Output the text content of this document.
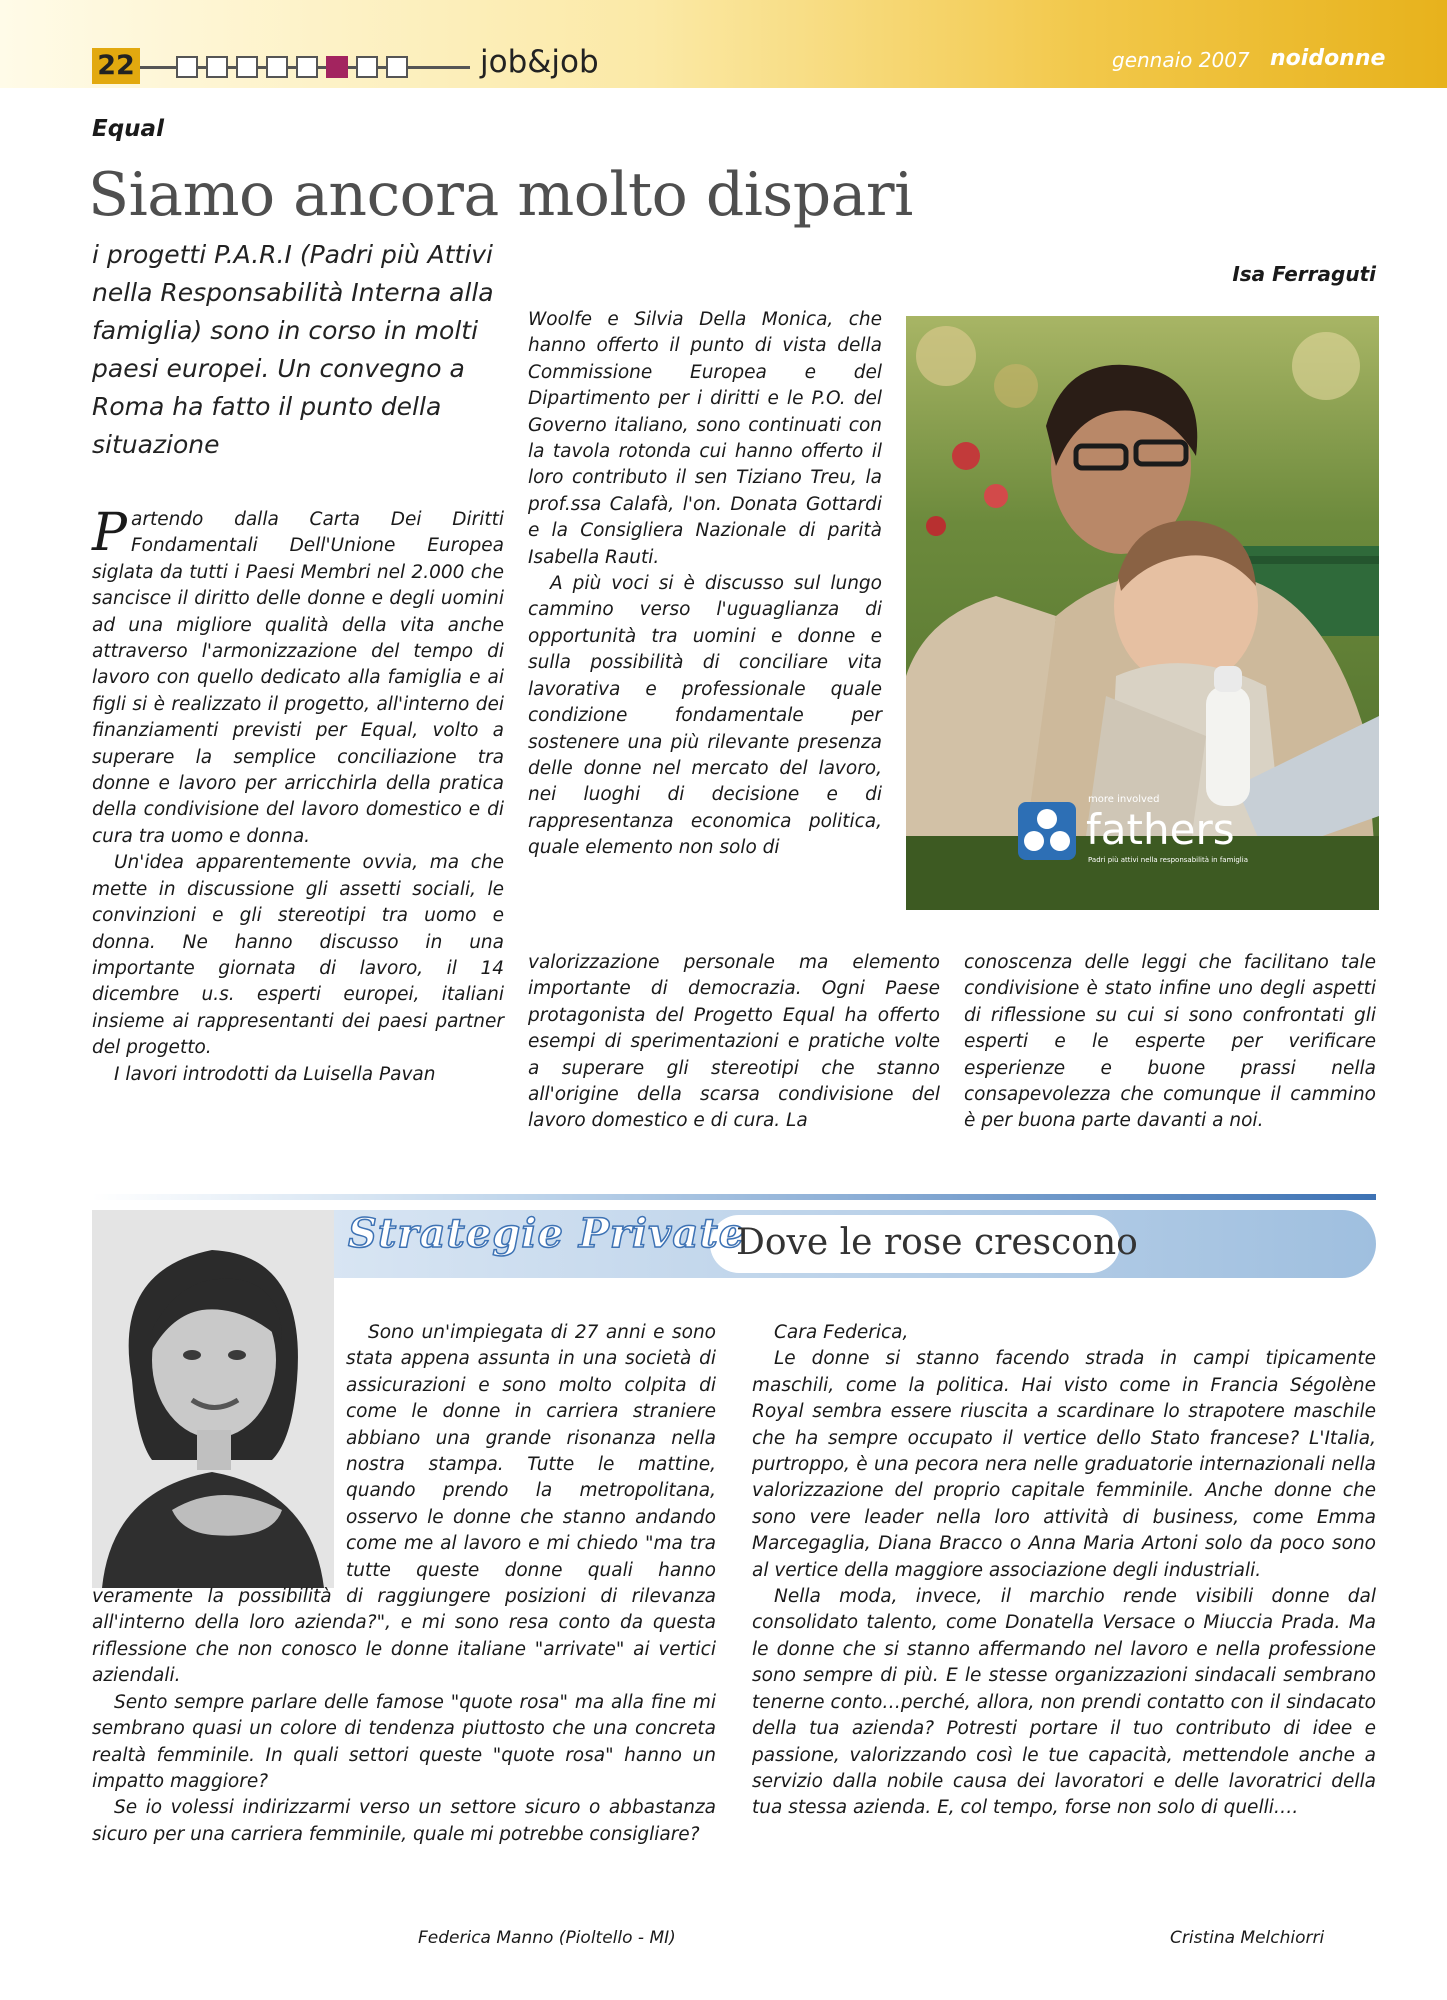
22	job&job	gennaio 2007 noidonne
Equal
Siamo ancora molto dispari
i progetti P.A.R.I (Padri più Attivi nella Responsabilità Interna alla famiglia) sono in corso in molti paesi europei. Un convegno a Roma ha fatto il punto della situazione
Isa Ferraguti

Partendo dalla Carta Dei Diritti Fondamentali Dell'Unione Europea siglata da tutti i Paesi Membri nel 2.000 che sancisce il diritto delle donne e degli uomini ad una migliore qualità della vita anche attraverso l'armonizzazione del tempo di lavoro con quello dedicato alla famiglia e ai figli si è realizzato il progetto, all'interno dei finanziamenti previsti per Equal, volto a superare la semplice conciliazione tra donne e lavoro per arricchirla della pratica della condivisione del lavoro domestico e di cura tra uomo e donna.

Un'idea apparentemente ovvia, ma che mette in discussione gli assetti sociali, le convinzioni e gli stereotipi tra uomo e donna. Ne hanno discusso in una importante giornata di lavoro, il 14 dicembre u.s. esperti europei, italiani insieme ai rappresentanti dei paesi partner del progetto.

I lavori introdotti da Luisella Pavan

Woolfe e Silvia Della Monica, che hanno offerto il punto di vista della Commissione Europea e del Dipartimento per i diritti e le P.O. del Governo italiano, sono continuati con la tavola rotonda cui hanno offerto il loro contributo il sen Tiziano Treu, la prof.ssa Calafà, l'on. Donata Gottardi e la Consigliera Nazionale di parità Isabella Rauti.

A più voci si è discusso sul lungo cammino verso l'uguaglianza di opportunità tra uomini e donne e sulla possibilità di conciliare vita lavorativa e professionale quale condizione fondamentale per sostenere una più rilevante presenza delle donne nel mercato del lavoro, nei luoghi di decisione e di rappresentanza economica politica, quale elemento non solo di

valorizzazione personale ma elemento importante di democrazia. Ogni Paese protagonista del Progetto Equal ha offerto esempi di sperimentazioni e pratiche volte a superare gli stereotipi che stanno all'origine della scarsa condivisione del lavoro domestico e di cura. La

conoscenza delle leggi che facilitano tale condivisione è stato infine uno degli aspetti di riflessione su cui si sono confrontati gli esperti e le esperte per verificare esperienze e buone prassi nella consapevolezza che comunque il cammino è per buona parte davanti a noi.

more involved
fathers
Padri più attivi nella responsabilità in famiglia
Strategie Private
Dove le rose crescono

Sono un'impiegata di 27 anni e sono stata appena assunta in una società di assicurazioni e sono molto colpita di come le donne in carriera straniere abbiano una grande risonanza nella nostra stampa. Tutte le mattine, quando prendo la metropolitana, osservo le donne che stanno andando come me al lavoro e mi chiedo "ma tra tutte queste donne quali hanno veramente la possibilità di raggiungere posizioni di rilevanza all'interno della loro azienda?", e mi sono resa conto da questa riflessione che non conosco le donne italiane "arrivate" ai vertici aziendali.

Sento sempre parlare delle famose "quote rosa" ma alla fine mi sembrano quasi un colore di tendenza piuttosto che una concreta realtà femminile. In quali settori queste "quote rosa" hanno un impatto maggiore?

Se io volessi indirizzarmi verso un settore sicuro o abbastanza sicuro per una carriera femminile, quale mi potrebbe consigliare?

Federica Manno (Pioltello - MI)

Cara Federica,

Le donne si stanno facendo strada in campi tipicamente maschili, come la politica. Hai visto come in Francia Ségolène Royal sembra essere riuscita a scardinare lo strapotere maschile che ha sempre occupato il vertice dello Stato francese? L'Italia, purtroppo, è una pecora nera nelle graduatorie internazionali nella valorizzazione del proprio capitale femminile. Anche donne che sono vere leader nella loro attività di business, come Emma Marcegaglia, Diana Bracco o Anna Maria Artoni solo da poco sono al vertice della maggiore associazione degli industriali.

Nella moda, invece, il marchio rende visibili donne dal consolidato talento, come Donatella Versace o Miuccia Prada. Ma le donne che si stanno affermando nel lavoro e nella professione sono sempre di più. E le stesse organizzazioni sindacali sembrano tenerne conto…perché, allora, non prendi contatto con il sindacato della tua azienda? Potresti portare il tuo contributo di idee e passione, valorizzando così le tue capacità, mettendole anche a servizio dalla nobile causa dei lavoratori e delle lavoratrici della tua stessa azienda. E, col tempo, forse non solo di quelli….

Cristina Melchiorri
